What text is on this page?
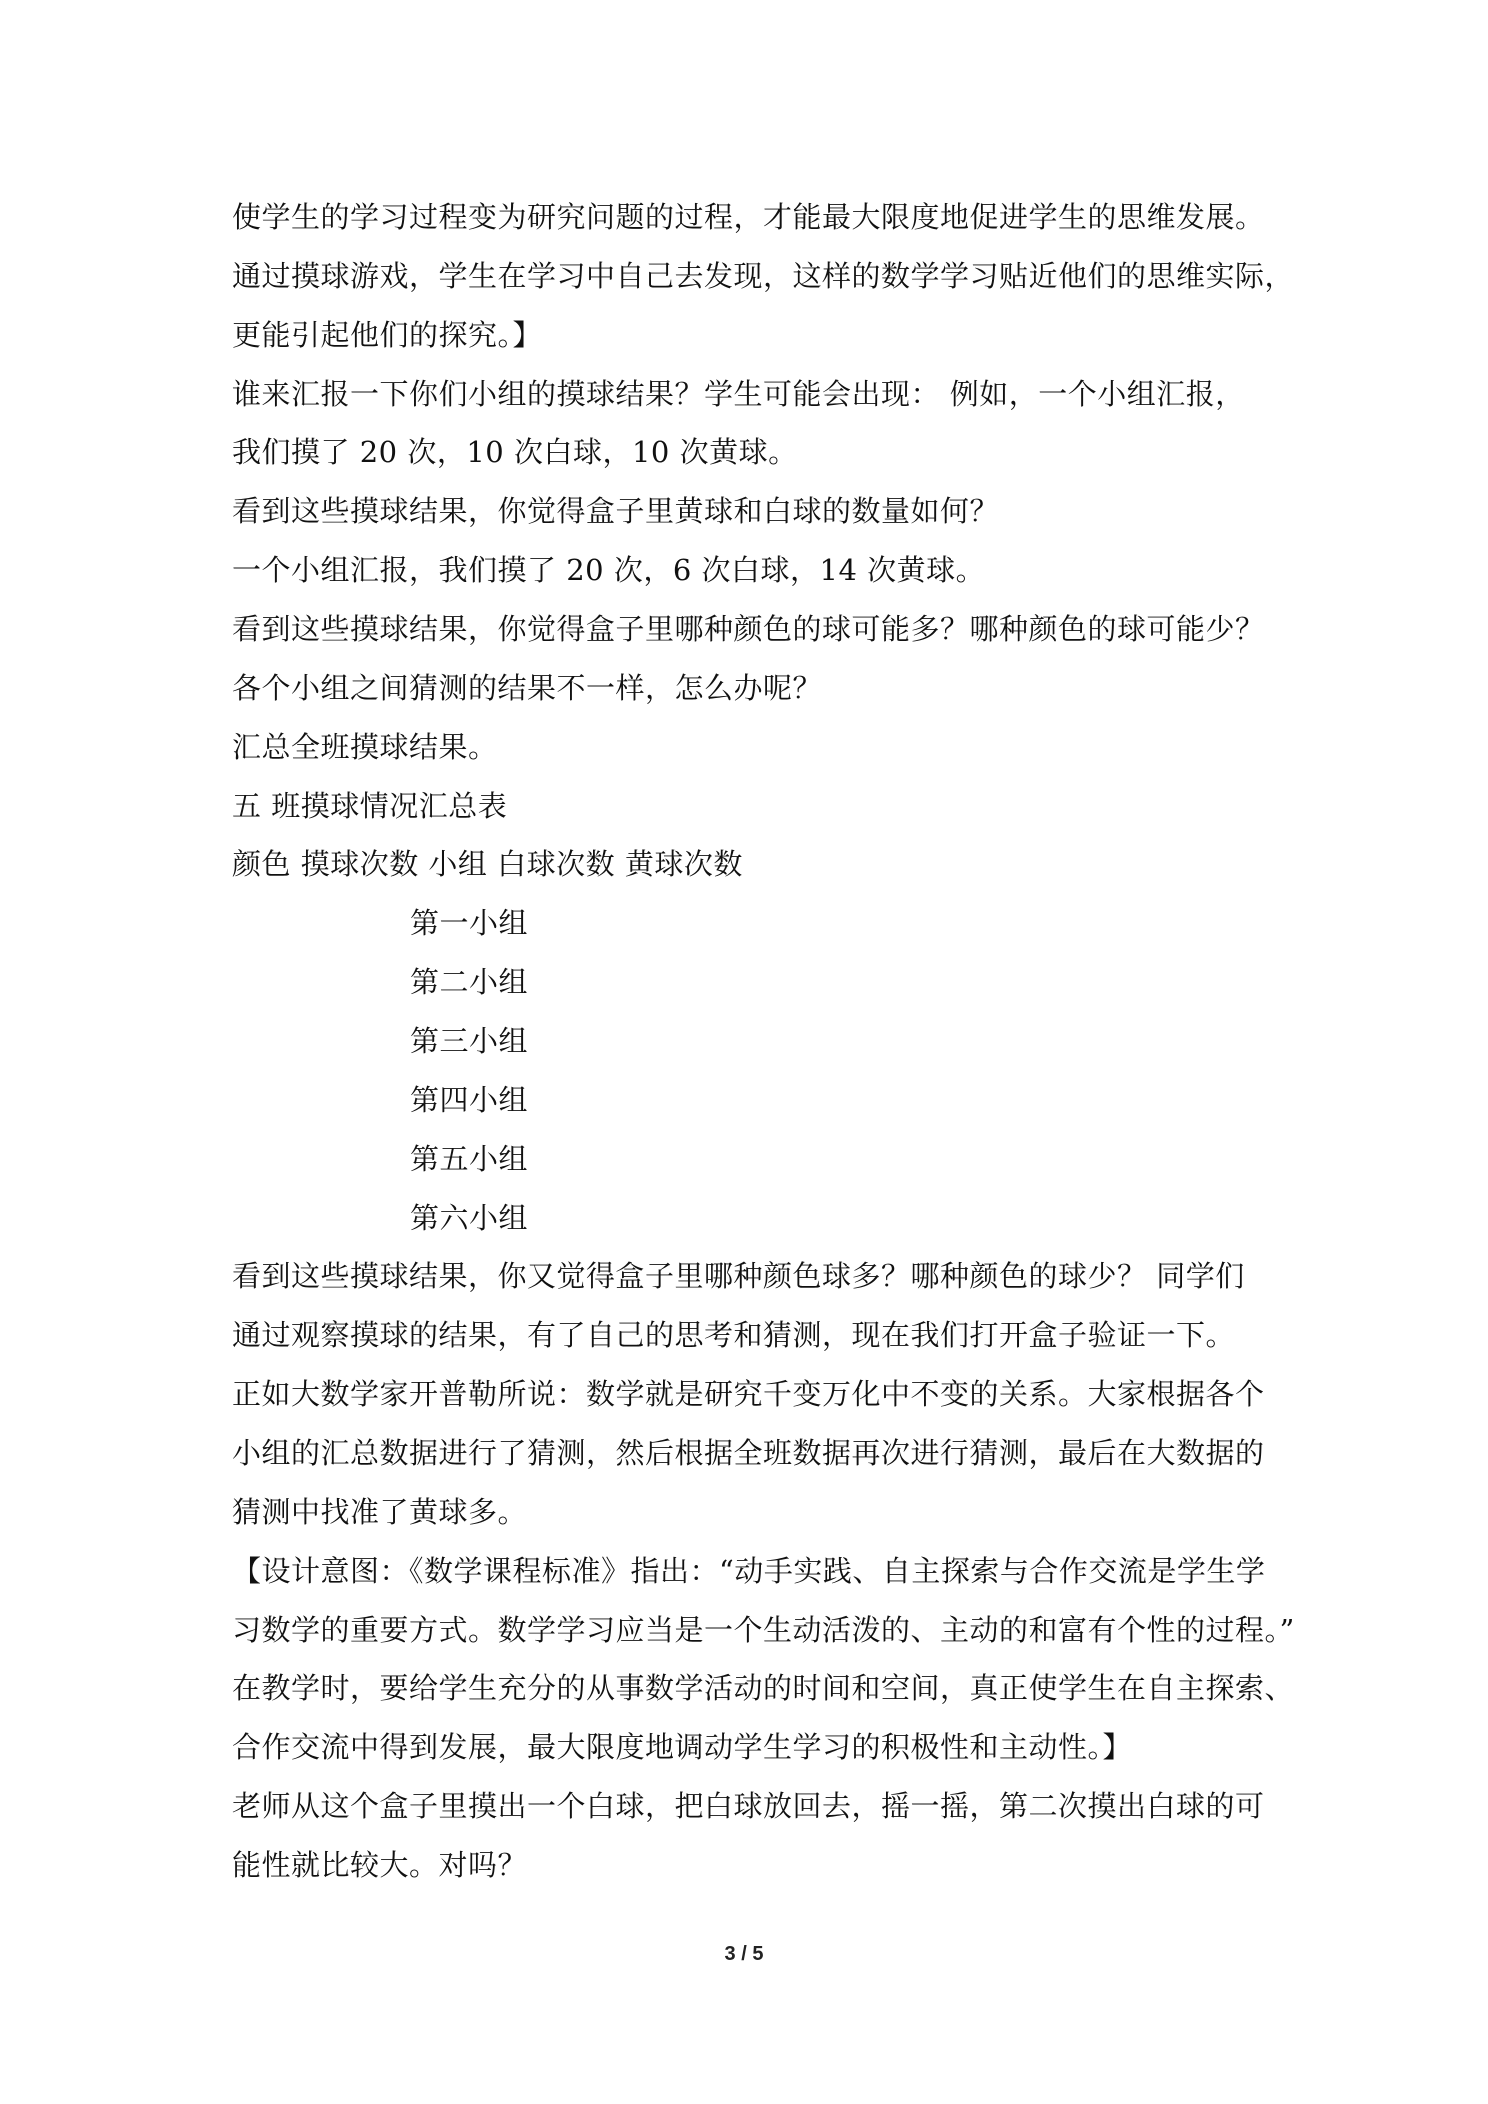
使学生的学习过程变为研究问题的过程，才能最大限度地促进学生的思维发展。
通过摸球游戏，学生在学习中自己去发现，这样的数学学习贴近他们的思维实际，
更能引起他们的探究。】
谁来汇报一下你们小组的摸球结果？学生可能会出现： 例如，一个小组汇报，
我们摸了 20 次，10 次白球，10 次黄球。
看到这些摸球结果，你觉得盒子里黄球和白球的数量如何？
一个小组汇报，我们摸了 20 次，6 次白球，14 次黄球。
看到这些摸球结果，你觉得盒子里哪种颜色的球可能多？哪种颜色的球可能少？
各个小组之间猜测的结果不一样，怎么办呢？
汇总全班摸球结果。
五 班摸球情况汇总表
颜色 摸球次数 小组 白球次数 黄球次数
第一小组
第二小组
第三小组
第四小组
第五小组
第六小组
看到这些摸球结果，你又觉得盒子里哪种颜色球多？哪种颜色的球少？ 同学们
通过观察摸球的结果，有了自己的思考和猜测，现在我们打开盒子验证一下。
正如大数学家开普勒所说：数学就是研究千变万化中不变的关系。大家根据各个
小组的汇总数据进行了猜测，然后根据全班数据再次进行猜测，最后在大数据的
猜测中找准了黄球多。
【设计意图：《数学课程标准》指出：“动手实践、自主探索与合作交流是学生学
习数学的重要方式。数学学习应当是一个生动活泼的、主动的和富有个性的过程。”
在教学时，要给学生充分的从事数学活动的时间和空间，真正使学生在自主探索、
合作交流中得到发展，最大限度地调动学生学习的积极性和主动性。】
老师从这个盒子里摸出一个白球，把白球放回去，摇一摇，第二次摸出白球的可
能性就比较大。对吗？
3 / 5
